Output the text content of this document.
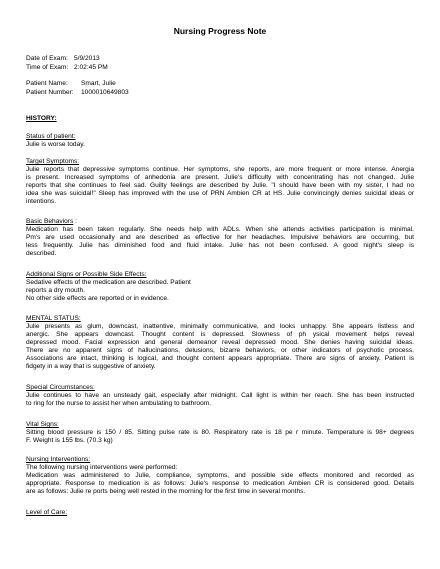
Nursing Progress Note
Date of Exam: 5/9/2013
Time of Exam: 2:02:45 PM
Patient Name: Smart, Julie
Patient Number: 1000010649803
HISTORY:
Status of patient:
Julie is worse today.
Target Symptoms:
Julie reports that depressive symptoms continue. Her symptoms, she reports, are more frequent or more intense. Anergia
is present. Increased symptoms of anhedonia are present. Julie's difficulty with concentrating has not changed. Julie
reports that she continues to feel sad. Guilty feelings are described by Julie. "I should have been with my sister, I had no
idea she was suicidal!" Sleep has improved with the use of PRN Ambien CR at HS. Julie convincingly denies suicidal ideas or
intentions.
Basic Behaviors :
Medication has been taken regularly. She needs help with ADLs. When she attends activities participation is minimal.
Pm's are used occasionally and are described as effective for her headaches. Impulsive behaviors are occurring, but
less frequently. Julie has diminished food and fluid intake. Julie has not been confused. A good night's sleep is
described.
Additional Signs or Possible Side Effects:
Sedative effects of the medication are described. Patient
reports a dry mouth.
No other side effects are reported or in evidence.
MENTAL STATUS:
Julie presents as glum, downcast, inattentive, minimally communicative, and looks unhappy. She appears listless and
anergic. She appears downcast. Thought content is depressed. Slowness of ph ysical movement helps reveal
depressed mood. Facial expression and general demeanor reveal depressed mood. She denies having suicidal ideas.
There are no apparent signs of hallucinations, delusions, bizarre behaviors, or other indicators of psychotic process.
Associations are intact, thinking is logical, and thought content appears appropriate. There are signs of anxiety. Patient is
fidgety in a way that is suggestive of anxiety.
Special Circumstances:
Julie continues to have an unsteady gait, especially after midnight. Call light is within her reach. She has been instructed
to ring for the nurse to assist her when ambulating to bathroom.
Vital Signs:
Sitting blood pressure is 150 / 85. Sitting pulse rate is 80. Respiratory rate is 18 pe r minute. Temperature is 98+ degrees
F. Weight is 155 lbs. (70.3 kg)
Nursing Interventions:
The following nursing interventions were performed:
Medication was administered to Julie, compliance, symptoms, and possible side effects monitored and recorded as
appropriate. Response to medication is as follows: Julie's response to medication Ambien CR is considered good. Details
are as follows: Julie re ports being well rested in the morning for the first time in several months.
Level of Care:
